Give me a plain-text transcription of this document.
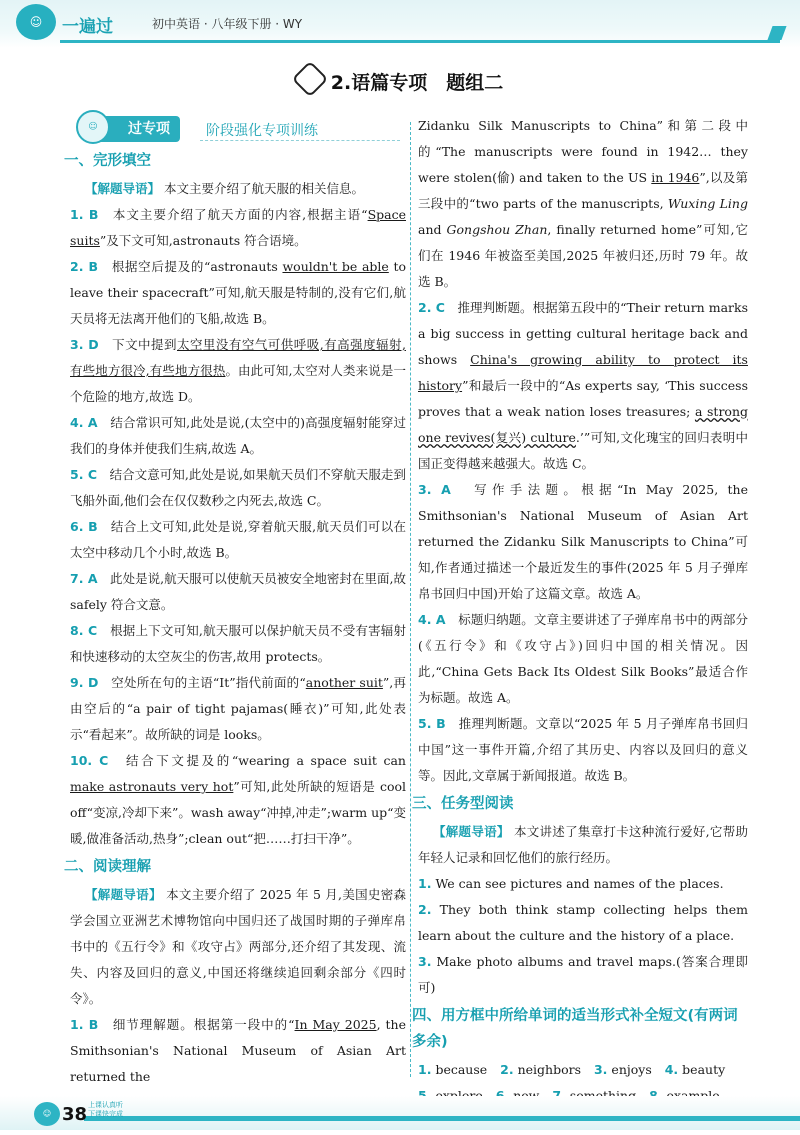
☺	一遍过	初中英语 · 八年级下册 · WY
2.语篇专项　题组二
过专项
☺	阶段强化专项训练
一、完形填空
【解题导语】 本文主要介绍了航天服的相关信息。
1. B　 本文主要介绍了航天方面的内容,根据主语“Space suits”及下文可知,astronauts 符合语境。
2. B　 根据空后提及的“astronauts wouldn't be able to leave their spacecraft”可知,航天服是特制的,没有它们,航天员将无法离开他们的飞船,故选 B。
3. D　 下文中提到太空里没有空气可供呼吸,有高强度辐射,有些地方很冷,有些地方很热。由此可知,太空对人类来说是一个危险的地方,故选 D。
4. A　 结合常识可知,此处是说,(太空中的)高强度辐射能穿过我们的身体并使我们生病,故选 A。
5. C　 结合文意可知,此处是说,如果航天员们不穿航天服走到飞船外面,他们会在仅仅数秒之内死去,故选 C。
6. B　 结合上文可知,此处是说,穿着航天服,航天员们可以在太空中移动几个小时,故选 B。
7. A　 此处是说,航天服可以使航天员被安全地密封在里面,故 safely 符合文意。
8. C　 根据上下文可知,航天服可以保护航天员不受有害辐射和快速移动的太空灰尘的伤害,故用 protects。
9. D　 空处所在句的主语“It”指代前面的“another suit”,再由空后的“a pair of tight pajamas(睡衣)”可知,此处表示“看起来”。故所缺的词是 looks。
10. C　 结合下文提及的“wearing a space suit can make astronauts very hot”可知,此处所缺的短语是 cool off“变凉,冷却下来”。wash away“冲掉,冲走”;warm up“变暖,做准备活动,热身”;clean out“把……打扫干净”。
二、阅读理解
【解题导语】 本文主要介绍了 2025 年 5 月,美国史密森学会国立亚洲艺术博物馆向中国归还了战国时期的子弹库帛书中的《五行令》和《攻守占》两部分,还介绍了其发现、流失、内容及回归的意义,中国还将继续追回剩余部分《四时令》。
1. B　 细节理解题。根据第一段中的“In May 2025, the Smithsonian's National Museum of Asian Art returned the
Zidanku Silk Manuscripts to China”和第二段中的“The manuscripts were found in 1942… they were stolen(偷) and taken to the US in 1946”,以及第三段中的“two parts of the manuscripts, Wuxing Ling and Gongshou Zhan, finally returned home”可知,它们在 1946 年被盗至美国,2025 年被归还,历时 79 年。故选 B。
2. C　 推理判断题。根据第五段中的“Their return marks a big success in getting cultural heritage back and shows China's growing ability to protect its history”和最后一段中的“As experts say, ‘This success proves that a weak nation loses treasures; a strong one revives(复兴) culture.’”可知,文化瑰宝的回归表明中国正变得越来越强大。故选 C。
3. A　 写作手法题。根据“In May 2025, the Smithsonian's National Museum of Asian Art returned the Zidanku Silk Manuscripts to China”可知,作者通过描述一个最近发生的事件(2025 年 5 月子弹库帛书回归中国)开始了这篇文章。故选 A。
4. A　 标题归纳题。文章主要讲述了子弹库帛书中的两部分(《五行令》和《攻守占》)回归中国的相关情况。因此,“China Gets Back Its Oldest Silk Books”最适合作为标题。故选 A。
5. B　 推理判断题。文章以“2025 年 5 月子弹库帛书回归中国”这一事件开篇,介绍了其历史、内容以及回归的意义等。因此,文章属于新闻报道。故选 B。
三、任务型阅读
【解题导语】 本文讲述了集章打卡这种流行爱好,它帮助年轻人记录和回忆他们的旅行经历。
1. We can see pictures and names of the places.
2. They both think stamp collecting helps them learn about the culture and the history of a place.
3. Make photo albums and travel maps.(答案合理即可)
四、用方框中所给单词的适当形式补全短文(有两词多余)
1. because 2. neighbors 3. enjoys 4. beauty
☺ 38 上课认真听 下课快完成
